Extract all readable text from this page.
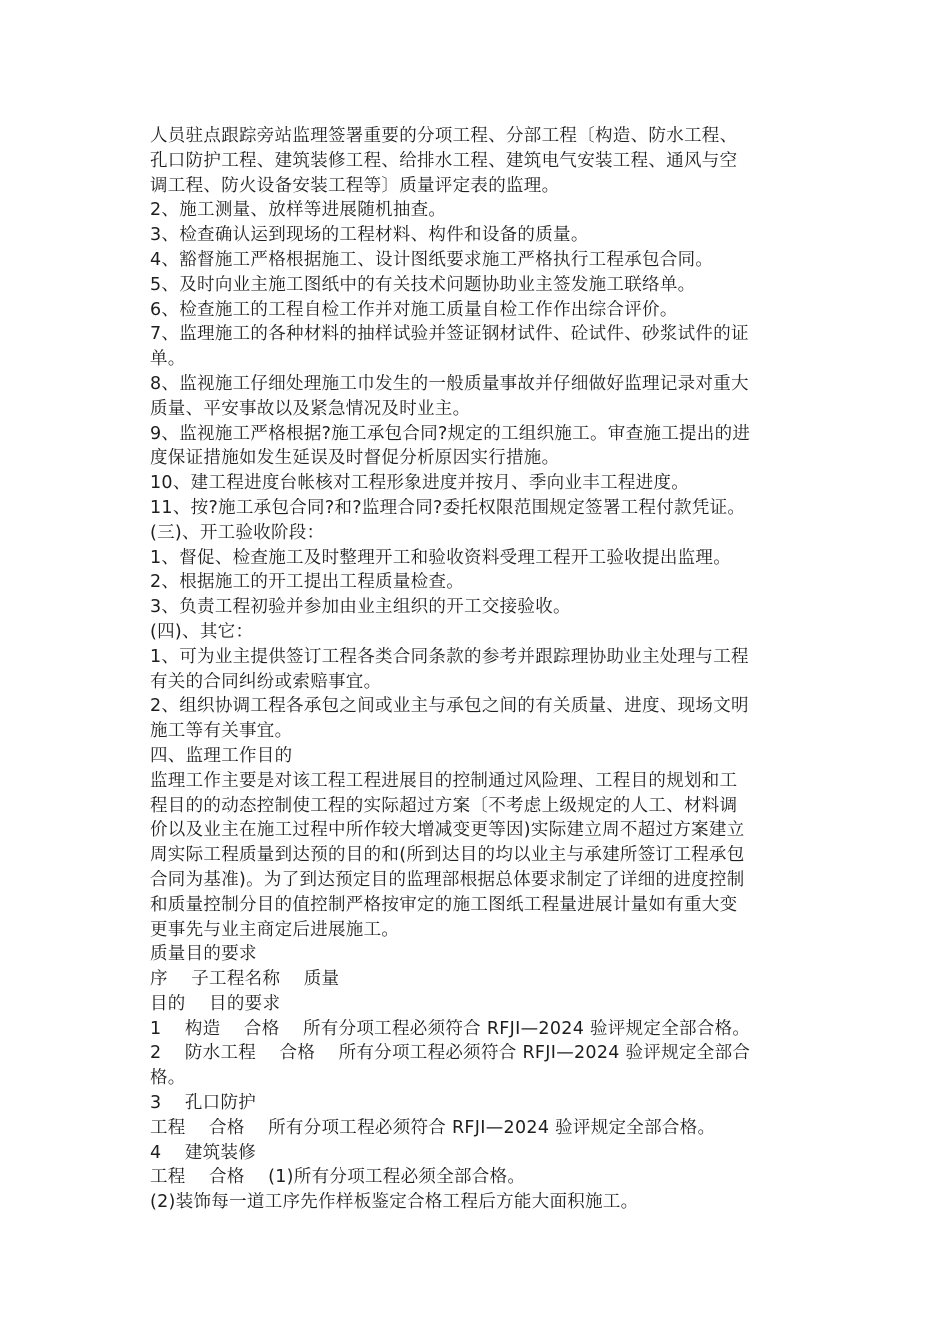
人员驻点跟踪旁站监理签署重要的分项工程、分部工程〔构造、防水工程、
孔口防护工程、建筑装修工程、给排水工程、建筑电气安装工程、通风与空
调工程、防火设备安装工程等〕质量评定表的监理。
2、施工测量、放样等进展随机抽查。
3、检查确认运到现场的工程材料、构件和设备的质量。
4、豁督施工严格根据施工、设计图纸要求施工严格执行工程承包合同。
5、及时向业主施工图纸中的有关技术问题协助业主签发施工联络单。
6、检查施工的工程自检工作并对施工质量自检工作作出综合评价。
7、监理施工的各种材料的抽样试验并签证钢材试件、砼试件、砂浆试件的证
单。
8、监视施工仔细处理施工巾发生的一般质量事故并仔细做好监理记录对重大
质量、平安事故以及紧急情况及时业主。
9、监视施工严格根据?施工承包合同?规定的工组织施工。审查施工提出的进
度保证措施如发生延误及时督促分析原因实行措施。
10、建工程进度台帐核对工程形象进度并按月、季向业丰工程进度。
11、按?施工承包合同?和?监理合同?委托权限范围规定签署工程付款凭证。
(三)、开工验收阶段：
1、督促、检查施工及时整理开工和验收资料受理工程开工验收提出监理。
2、根据施工的开工提出工程质量检查。
3、负责工程初验并参加由业主组织的开工交接验收。
(四)、其它：
1、可为业主提供签订工程各类合同条款的参考并跟踪理协助业主处理与工程
有关的合同纠纷或索赔事宜。
2、组织协调工程各承包之间或业主与承包之间的有关质量、进度、现场文明
施工等有关事宜。
四、监理工作目的
监理工作主要是对该工程工程进展目的控制通过风险理、工程目的规划和工
程目的的动态控制使工程的实际超过方案〔不考虑上级规定的人工、材料调
价以及业主在施工过程中所作较大增减变更等因)实际建立周不超过方案建立
周实际工程质量到达预的目的和(所到达目的均以业主与承建所签订工程承包
合同为基准)。为了到达预定目的监理部根据总体要求制定了详细的进度控制
和质量控制分目的值控制严格按审定的施工图纸工程量进展计量如有重大变
更事先与业主商定后进展施工。
质量目的要求
序    子工程名称    质量
目的    目的要求
1    构造    合格    所有分项工程必须符合 RFJI—2024 验评规定全部合格。
2    防水工程    合格    所有分项工程必须符合 RFJI—2024 验评规定全部合
格。
3    孔口防护
工程    合格    所有分项工程必须符合 RFJI—2024 验评规定全部合格。
4    建筑装修
工程    合格    (1)所有分项工程必须全部合格。
(2)装饰每一道工序先作样板鉴定合格工程后方能大面积施工。
